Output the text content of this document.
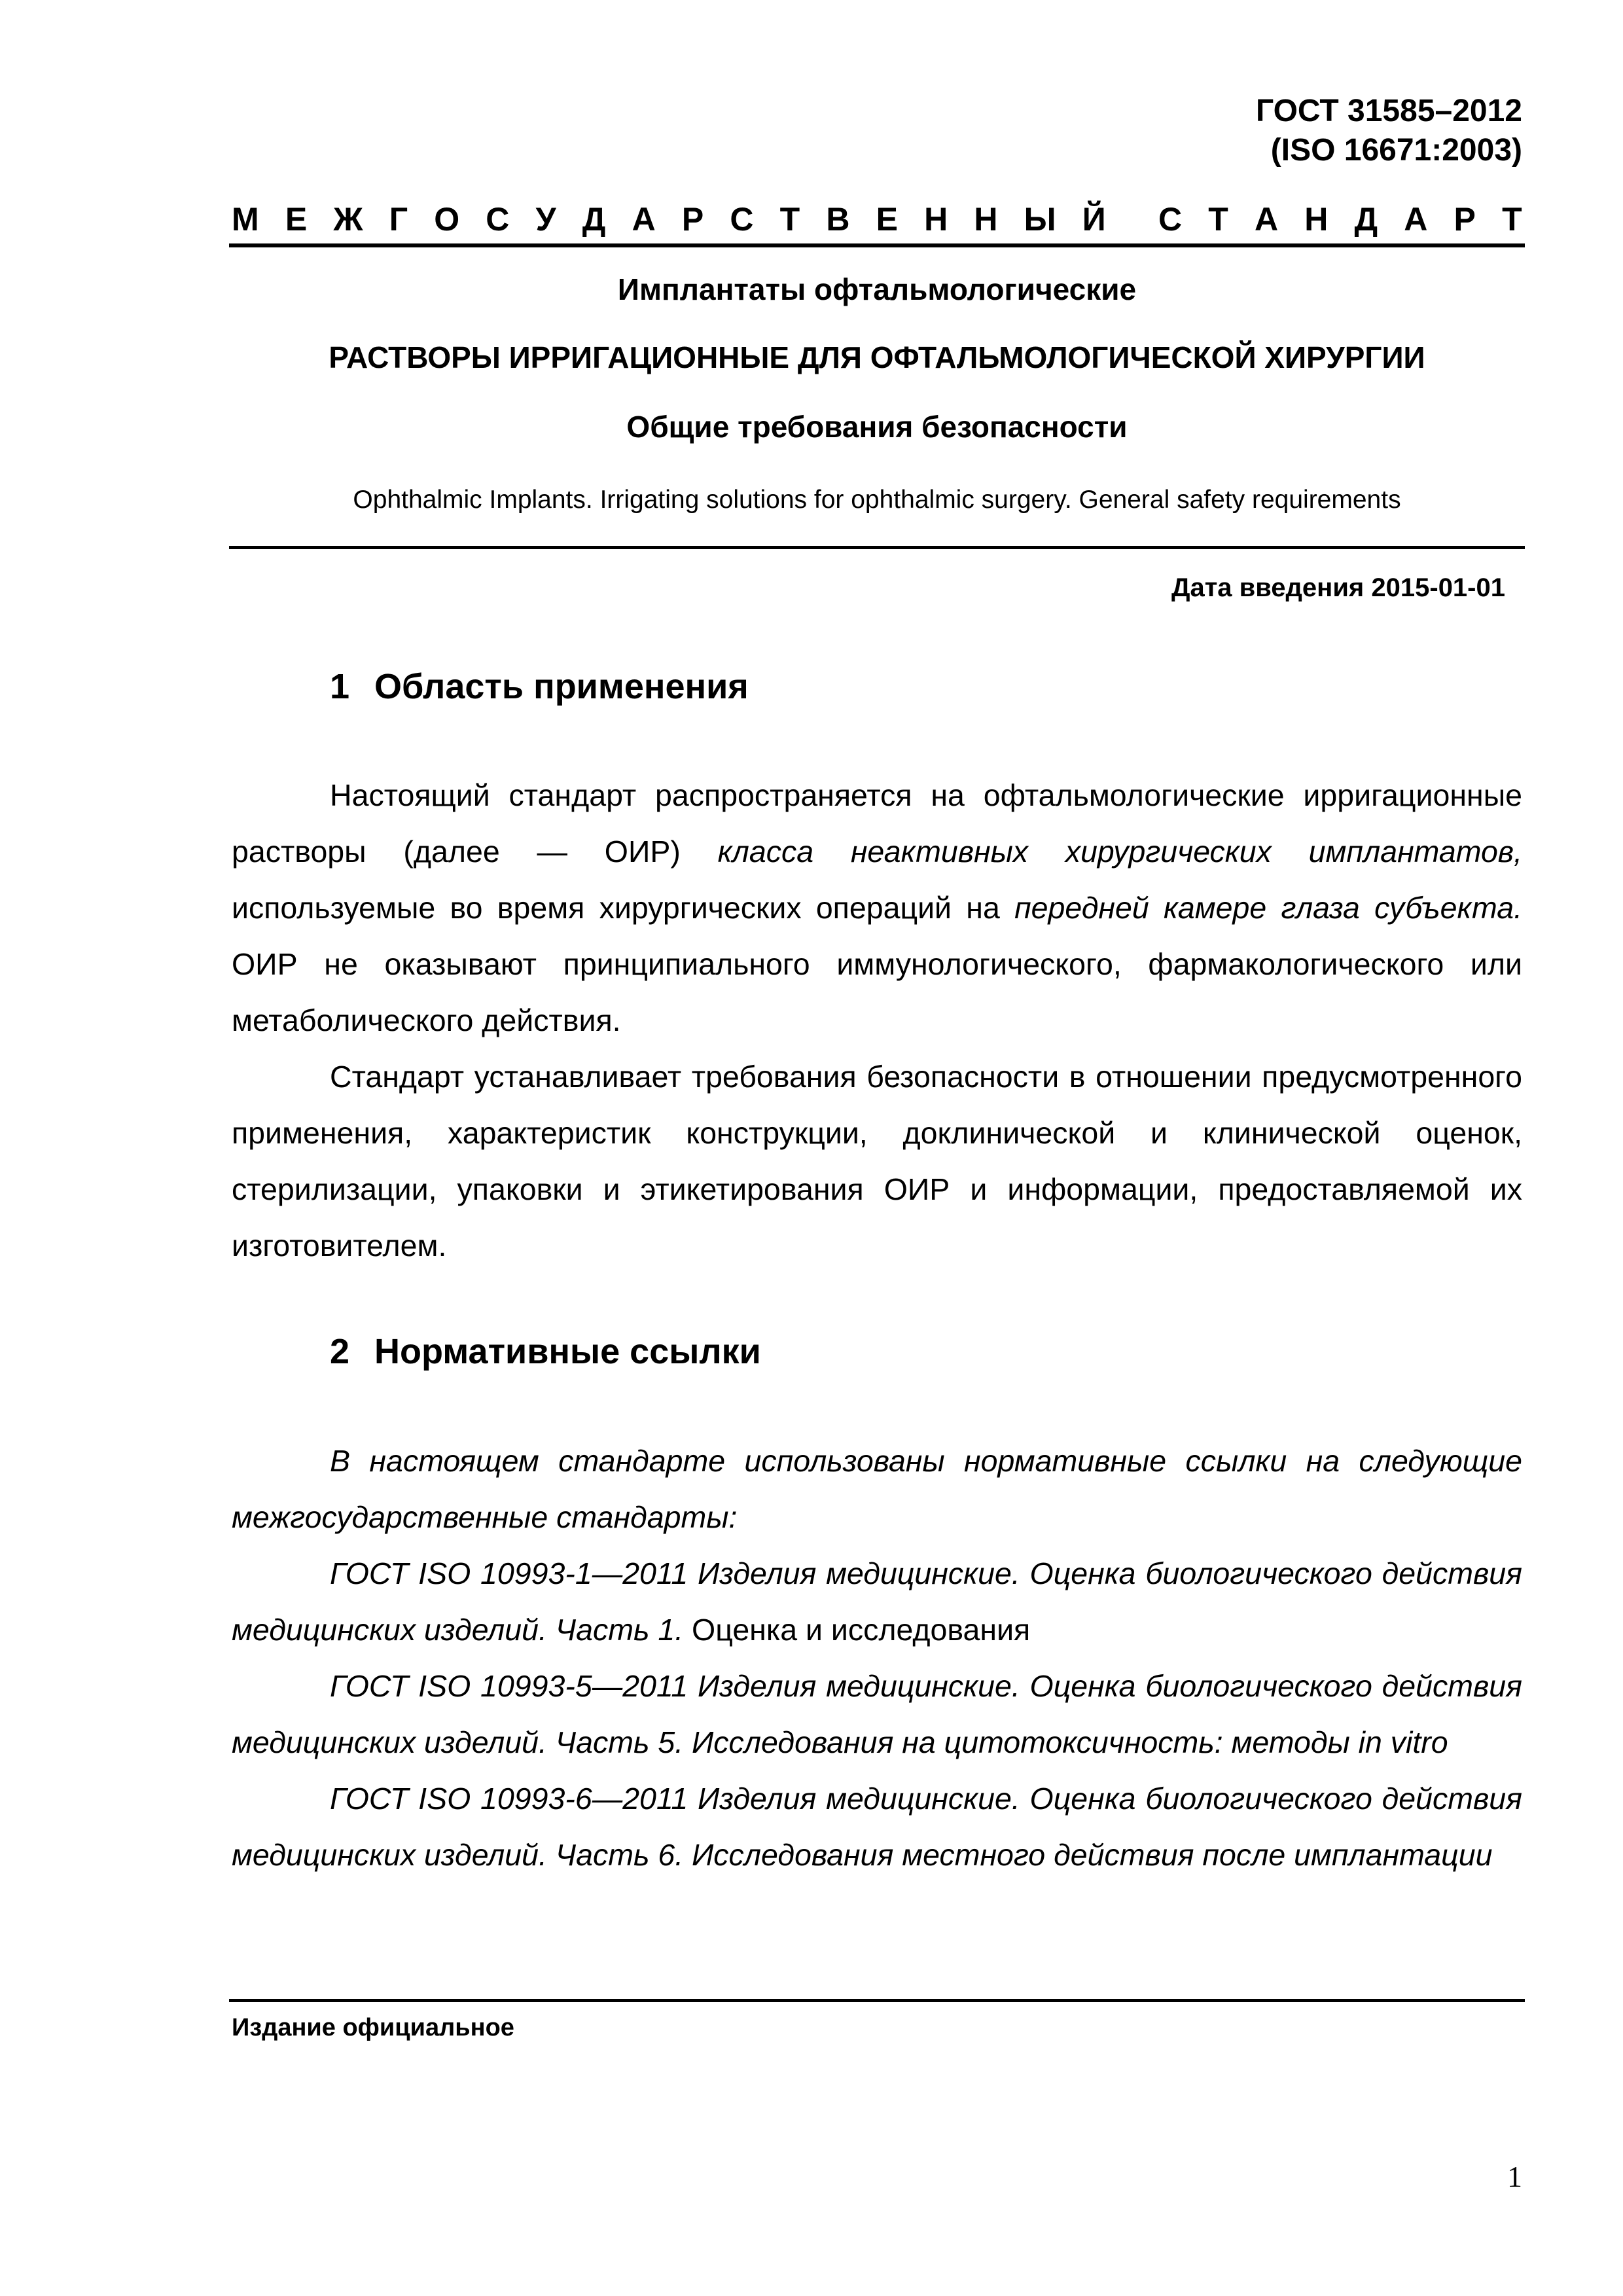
ГОСТ 31585–2012
(ISO 16671:2003)
М Е Ж Г О С У Д А Р С Т В Е Н Н Ы Й С Т А Н Д А Р Т
Имплантаты офтальмологические
РАСТВОРЫ ИРРИГАЦИОННЫЕ ДЛЯ ОФТАЛЬМОЛОГИЧЕСКОЙ ХИРУРГИИ
Общие требования безопасности
Ophthalmic Implants. Irrigating solutions for ophthalmic surgery. General safety requirements
Дата введения 2015-01-01
1 Область применения

Настоящий стандарт распространяется на офтальмологические ирригационные растворы (далее — ОИР) класса неактивных хирургических имплантатов, используемые во время хирургических операций на передней камере глаза субъекта. ОИР не оказывают принципиального иммунологического, фармакологического или метаболического действия.

Стандарт устанавливает требования безопасности в отношении предусмотренного применения, характеристик конструкции, доклинической и клинической оценок, стерилизации, упаковки и этикетирования ОИР и информации, предоставляемой их изготовителем.

2 Нормативные ссылки

В настоящем стандарте использованы нормативные ссылки на следующие межгосударственные стандарты:

ГОСТ ISO 10993-1—2011 Изделия медицинские. Оценка биологического действия медицинских изделий. Часть 1. Оценка и исследования

ГОСТ ISO 10993-5—2011 Изделия медицинские. Оценка биологического действия медицинских изделий. Часть 5. Исследования на цитотоксичность: методы in vitro

ГОСТ ISO 10993-6—2011 Изделия медицинские. Оценка биологического действия медицинских изделий. Часть 6. Исследования местного действия после имплантации

Издание официальное
1
